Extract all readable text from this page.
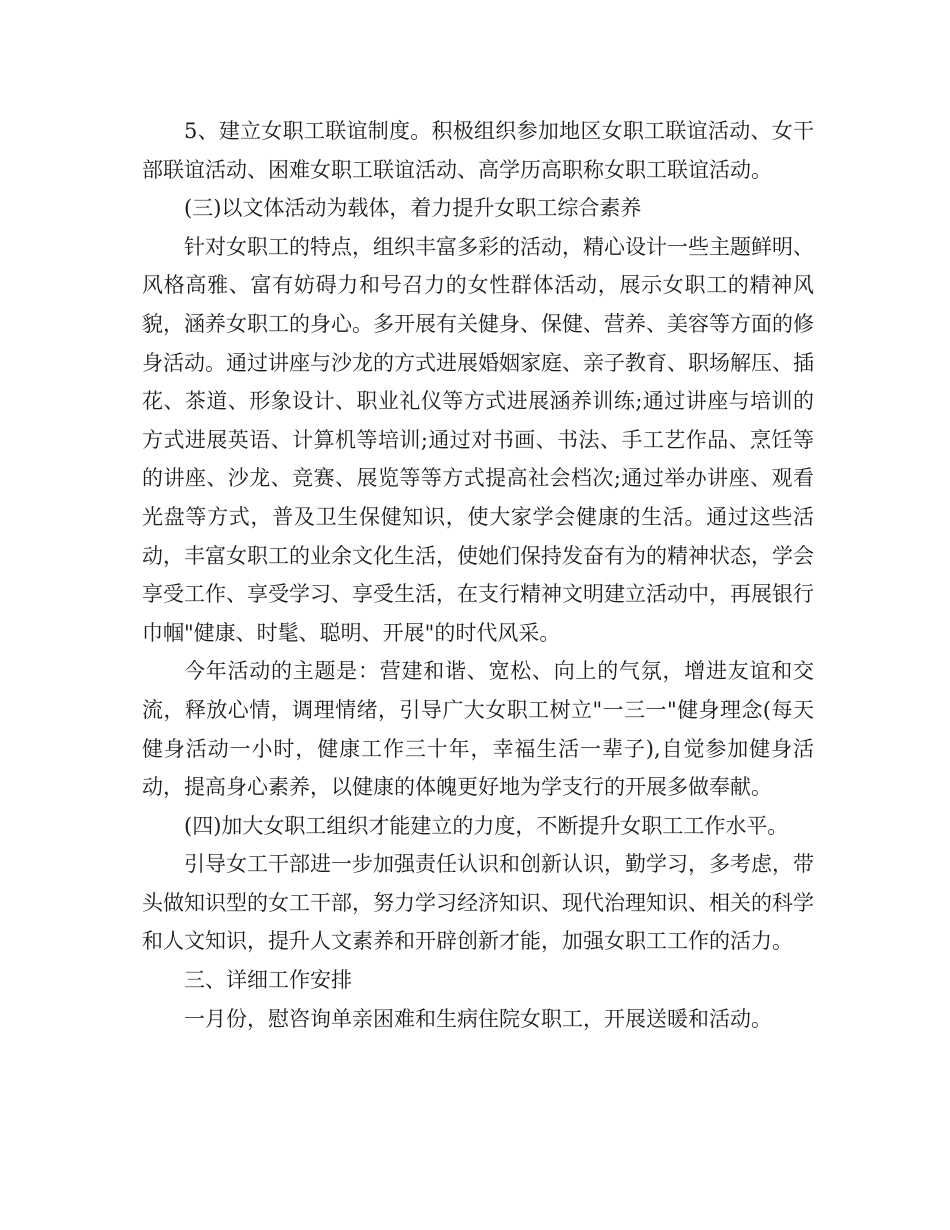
5、建立女职工联谊制度。积极组织参加地区女职工联谊活动、女干部联谊活动、困难女职工联谊活动、高学历高职称女职工联谊活动。

(三)以文体活动为载体，着力提升女职工综合素养

针对女职工的特点，组织丰富多彩的活动，精心设计一些主题鲜明、风格高雅、富有妨碍力和号召力的女性群体活动，展示女职工的精神风貌，涵养女职工的身心。多开展有关健身、保健、营养、美容等方面的修身活动。通过讲座与沙龙的方式进展婚姻家庭、亲子教育、职场解压、插花、茶道、形象设计、职业礼仪等方式进展涵养训练;通过讲座与培训的方式进展英语、计算机等培训;通过对书画、书法、手工艺作品、烹饪等的讲座、沙龙、竞赛、展览等等方式提高社会档次;通过举办讲座、观看光盘等方式，普及卫生保健知识，使大家学会健康的生活。通过这些活动，丰富女职工的业余文化生活，使她们保持发奋有为的精神状态，学会享受工作、享受学习、享受生活，在支行精神文明建立活动中，再展银行巾帼"健康、时髦、聪明、开展"的时代风采。

今年活动的主题是：营建和谐、宽松、向上的气氛，增进友谊和交流，释放心情，调理情绪，引导广大女职工树立"一三一"健身理念(每天健身活动一小时，健康工作三十年，幸福生活一辈子),自觉参加健身活动，提高身心素养，以健康的体魄更好地为学支行的开展多做奉献。

(四)加大女职工组织才能建立的力度，不断提升女职工工作水平。

引导女工干部进一步加强责任认识和创新认识，勤学习，多考虑，带头做知识型的女工干部，努力学习经济知识、现代治理知识、相关的科学和人文知识，提升人文素养和开辟创新才能，加强女职工工作的活力。

三、详细工作安排

一月份，慰咨询单亲困难和生病住院女职工，开展送暖和活动。
